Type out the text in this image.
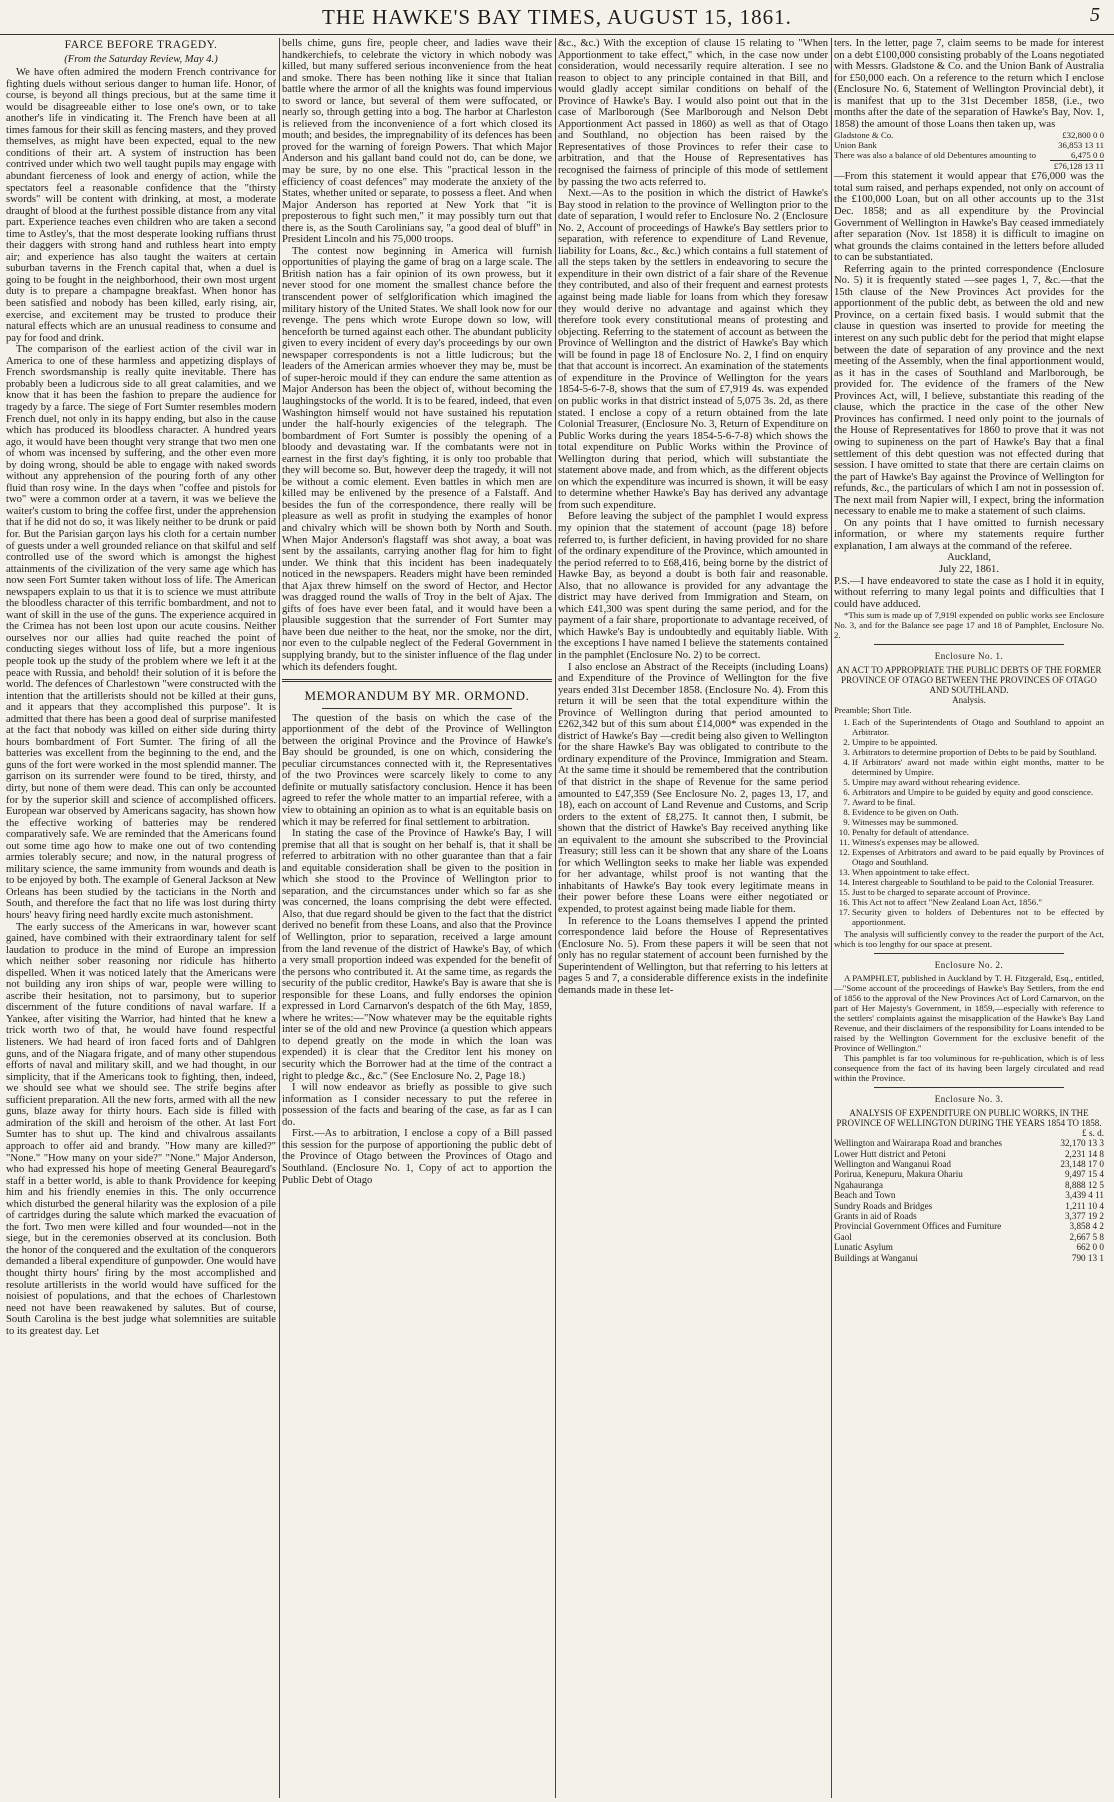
THE HAWKE'S BAY TIMES, AUGUST 15, 1861.	5
FARCE BEFORE TRAGEDY.
(From the Saturday Review, May 4.)

We have often admired the modern French contrivance for fighting duels without serious danger to human life. Honor, of course, is beyond all things precious, but at the same time it would be disagreeable either to lose one's own, or to take another's life in vindicating it. The French have been at all times famous for their skill as fencing masters, and they proved themselves, as might have been expected, equal to the new conditions of their art. A system of instruction has been contrived under which two well taught pupils may engage with abundant fierceness of look and energy of action, while the spectators feel a reasonable confidence that the "thirsty swords" will be content with drinking, at most, a moderate draught of blood at the furthest possible distance from any vital part. Experience teaches even children who are taken a second time to Astley's, that the most desperate looking ruffians thrust their daggers with strong hand and ruthless heart into empty air; and experience has also taught the waiters at certain suburban taverns in the French capital that, when a duel is going to be fought in the neighborhood, their own most urgent duty is to prepare a champagne breakfast. When honor has been satisfied and nobody has been killed, early rising, air, exercise, and excitement may be trusted to produce their natural effects which are an unusual readiness to consume and pay for food and drink.

The comparison of the earliest action of the civil war in America to one of these harmless and appetizing displays of French swordsmanship is really quite inevitable. There has probably been a ludicrous side to all great calamities, and we know that it has been the fashion to prepare the audience for tragedy by a farce. The siege of Fort Sumter resembles modern French duel, not only in its happy ending, but also in the cause which has produced its bloodless character. A hundred years ago, it would have been thought very strange that two men one of whom was incensed by suffering, and the other even more by doing wrong, should be able to engage with naked swords without any apprehension of the pouring forth of any other fluid than rosy wine. In the days when "coffee and pistols for two" were a common order at a tavern, it was we believe the waiter's custom to bring the coffee first, under the apprehension that if he did not do so, it was likely neither to be drunk or paid for. But the Parisian garçon lays his cloth for a certain number of guests under a well grounded reliance on that skilful and self controlled use of the sword which is amongst the highest attainments of the civilization of the very same age which has now seen Fort Sumter taken without loss of life. The American newspapers explain to us that it is to science we must attribute the bloodless character of this terrific bombardment, and not to want of skill in the use of the guns. The experience acquired in the Crimea has not been lost upon our acute cousins. Neither ourselves nor our allies had quite reached the point of conducting sieges without loss of life, but a more ingenious people took up the study of the problem where we left it at the peace with Russia, and behold! their solution of it is before the world. The defences of Charlestown "were constructed with the intention that the artillerists should not be killed at their guns, and it appears that they accomplished this purpose". It is admitted that there has been a good deal of surprise manifested at the fact that nobody was killed on either side during thirty hours bombardment of Fort Sumter. The firing of all the batteries was excellent from the beginning to the end, and the guns of the fort were worked in the most splendid manner. The garrison on its surrender were found to be tired, thirsty, and dirty, but none of them were dead. This can only be accounted for by the superior skill and science of accomplished officers. European war observed by Americans sagacity, has shown how the effective working of batteries may be rendered comparatively safe. We are reminded that the Americans found out some time ago how to make one out of two contending armies tolerably secure; and now, in the natural progress of military science, the same immunity from wounds and death is to be enjoyed by both. The example of General Jackson at New Orleans has been studied by the tacticians in the North and South, and therefore the fact that no life was lost during thirty hours' heavy firing need hardly excite much astonishment.

The early success of the Americans in war, however scant gained, have combined with their extraordinary talent for self laudation to produce in the mind of Europe an impression which neither sober reasoning nor ridicule has hitherto dispelled. When it was noticed lately that the Americans were not building any iron ships of war, people were willing to ascribe their hesitation, not to parsimony, but to superior discernment of the future conditions of naval warfare. If a Yankee, after visiting the Warrior, had hinted that he knew a trick worth two of that, he would have found respectful listeners. We had heard of iron faced forts and of Dahlgren guns, and of the Niagara frigate, and of many other stupendous efforts of naval and military skill, and we had thought, in our simplicity, that if the Americans took to fighting, then, indeed, we should see what we should see. The strife begins after sufficient preparation. All the new forts, armed with all the new guns, blaze away for thirty hours. Each side is filled with admiration of the skill and heroism of the other. At last Fort Sumter has to shut up. The kind and chivalrous assailants approach to offer aid and brandy. "How many are killed?" "None." "How many on your side?" "None." Major Anderson, who had expressed his hope of meeting General Beauregard's staff in a better world, is able to thank Providence for keeping him and his friendly enemies in this. The only occurrence which disturbed the general hilarity was the explosion of a pile of cartridges during the salute which marked the evacuation of the fort. Two men were killed and four wounded—not in the siege, but in the ceremonies observed at its conclusion. Both the honor of the conquered and the exultation of the conquerors demanded a liberal expenditure of gunpowder. One would have thought thirty hours' firing by the most accomplished and resolute artillerists in the world would have sufficed for the noisiest of populations, and that the echoes of Charlestown need not have been reawakened by salutes. But of course, South Carolina is the best judge what solemnities are suitable to its greatest day. Let

bells chime, guns fire, people cheer, and ladies wave their handkerchiefs, to celebrate the victory in which nobody was killed, but many suffered serious inconvenience from the heat and smoke. There has been nothing like it since that Italian battle where the armor of all the knights was found impervious to sword or lance, but several of them were suffocated, or nearly so, through getting into a bog. The harbor at Charleston is relieved from the inconvenience of a fort which closed its mouth; and besides, the impregnability of its defences has been proved for the warning of foreign Powers. That which Major Anderson and his gallant band could not do, can be done, we may be sure, by no one else. This "practical lesson in the efficiency of coast defences" may moderate the anxiety of the States, whether united or separate, to possess a fleet. And when Major Anderson has reported at New York that "it is preposterous to fight such men," it may possibly turn out that there is, as the South Carolinians say, "a good deal of bluff" in President Lincoln and his 75,000 troops.

The contest now beginning in America will furnish opportunities of playing the game of brag on a large scale. The British nation has a fair opinion of its own prowess, but it never stood for one moment the smallest chance before the transcendent power of selfglorification which imagined the military history of the United States. We shall look now for our revenge. The pens which wrote Europe down so low, will henceforth be turned against each other. The abundant publicity given to every incident of every day's proceedings by our own newspaper correspondents is not a little ludicrous; but the leaders of the American armies whoever they may be, must be of super-heroic mould if they can endure the same attention as Major Anderson has been the object of, without becoming the laughingstocks of the world. It is to be feared, indeed, that even Washington himself would not have sustained his reputation under the half-hourly exigencies of the telegraph. The bombardment of Fort Sumter is possibly the opening of a bloody and devastating war. If the combatants were not in earnest in the first day's fighting, it is only too probable that they will become so. But, however deep the tragedy, it will not be without a comic element. Even battles in which men are killed may be enlivened by the presence of a Falstaff. And besides the fun of the correspondence, there really will be pleasure as well as profit in studying the examples of honor and chivalry which will be shown both by North and South. When Major Anderson's flagstaff was shot away, a boat was sent by the assailants, carrying another flag for him to fight under. We think that this incident has been inadequately noticed in the newspapers. Readers might have been reminded that Ajax threw himself on the sword of Hector, and Hector was dragged round the walls of Troy in the belt of Ajax. The gifts of foes have ever been fatal, and it would have been a plausible suggestion that the surrender of Fort Sumter may have been due neither to the heat, nor the smoke, nor the dirt, nor even to the culpable neglect of the Federal Government in supplying brandy, but to the sinister influence of the flag under which its defenders fought.

MEMORANDUM BY MR. ORMOND.

The question of the basis on which the case of the apportionment of the debt of the Province of Wellington between the original Province and the Province of Hawke's Bay should be grounded, is one on which, considering the peculiar circumstances connected with it, the Representatives of the two Provinces were scarcely likely to come to any definite or mutually satisfactory conclusion. Hence it has been agreed to refer the whole matter to an impartial referee, with a view to obtaining an opinion as to what is an equitable basis on which it may be referred for final settlement to arbitration.

In stating the case of the Province of Hawke's Bay, I will premise that all that is sought on her behalf is, that it shall be referred to arbitration with no other guarantee than that a fair and equitable consideration shall be given to the position in which she stood to the Province of Wellington prior to separation, and the circumstances under which so far as she was concerned, the loans comprising the debt were effected. Also, that due regard should be given to the fact that the district derived no benefit from these Loans, and also that the Province of Wellington, prior to separation, received a large amount from the land revenue of the district of Hawke's Bay, of which a very small proportion indeed was expended for the benefit of the persons who contributed it. At the same time, as regards the security of the public creditor, Hawke's Bay is aware that she is responsible for these Loans, and fully endorses the opinion expressed in Lord Carnarvon's despatch of the 6th May, 1859, where he writes:—"Now whatever may be the equitable rights inter se of the old and new Province (a question which appears to depend greatly on the mode in which the loan was expended) it is clear that the Creditor lent his money on security which the Borrower had at the time of the contract a right to pledge &c., &c." (See Enclosure No. 2, Page 18.)

I will now endeavor as briefly as possible to give such information as I consider necessary to put the referee in possession of the facts and bearing of the case, as far as I can do.

First.—As to arbitration, I enclose a copy of a Bill passed this session for the purpose of apportioning the public debt of the Province of Otago between the Provinces of Otago and Southland. (Enclosure No. 1, Copy of act to apportion the Public Debt of Otago

&c., &c.) With the exception of clause 15 relating to "When Apportionment to take effect," which, in the case now under consideration, would necessarily require alteration. I see no reason to object to any principle contained in that Bill, and would gladly accept similar conditions on behalf of the Province of Hawke's Bay. I would also point out that in the case of Marlborough (See Marlborough and Nelson Debt Apportionment Act passed in 1860) as well as that of Otago and Southland, no objection has been raised by the Representatives of those Provinces to refer their case to arbitration, and that the House of Representatives has recognised the fairness of principle of this mode of settlement by passing the two acts referred to.

Next.—As to the position in which the district of Hawke's Bay stood in relation to the province of Wellington prior to the date of separation, I would refer to Enclosure No. 2 (Enclosure No. 2, Account of proceedings of Hawke's Bay settlers prior to separation, with reference to expenditure of Land Revenue, liability for Loans, &c., &c.) which contains a full statement of all the steps taken by the settlers in endeavoring to secure the expenditure in their own district of a fair share of the Revenue they contributed, and also of their frequent and earnest protests against being made liable for loans from which they foresaw they would derive no advantage and against which they therefore took every constitutional means of protesting and objecting. Referring to the statement of account as between the Province of Wellington and the district of Hawke's Bay which will be found in page 18 of Enclosure No. 2, I find on enquiry that that account is incorrect. An examination of the statements of expenditure in the Province of Wellington for the years 1854-5-6-7-8, shows that the sum of £7,919 4s. was expended on public works in that district instead of 5,075 3s. 2d, as there stated. I enclose a copy of a return obtained from the late Colonial Treasurer, (Enclosure No. 3, Return of Expenditure on Public Works during the years 1854-5-6-7-8) which shows the total expenditure on Public Works within the Province of Wellington during that period, which will substantiate the statement above made, and from which, as the different objects on which the expenditure was incurred is shown, it will be easy to determine whether Hawke's Bay has derived any advantage from such expenditure.

Before leaving the subject of the pamphlet I would express my opinion that the statement of account (page 18) before referred to, is further deficient, in having provided for no share of the ordinary expenditure of the Province, which amounted in the period referred to to £68,416, being borne by the district of Hawke Bay, as beyond a doubt is both fair and reasonable. Also, that no allowance is provided for any advantage the district may have derived from Immigration and Steam, on which £41,300 was spent during the same period, and for the payment of a fair share, proportionate to advantage received, of which Hawke's Bay is undoubtedly and equitably liable. With the exceptions I have named I believe the statements contained in the pamphlet (Enclosure No. 2) to be correct.

I also enclose an Abstract of the Receipts (including Loans) and Expenditure of the Province of Wellington for the five years ended 31st December 1858. (Enclosure No. 4). From this return it will be seen that the total expenditure within the Province of Wellington during that period amounted to £262,342 but of this sum about £14,000* was expended in the district of Hawke's Bay —credit being also given to Wellington for the share Hawke's Bay was obligated to contribute to the ordinary expenditure of the Province, Immigration and Steam. At the same time it should be remembered that the contribution of that district in the shape of Revenue for the same period amounted to £47,359 (See Enclosure No. 2, pages 13, 17, and 18), each on account of Land Revenue and Customs, and Scrip orders to the extent of £8,275. It cannot then, I submit, be shown that the district of Hawke's Bay received anything like an equivalent to the amount she subscribed to the Provincial Treasury; still less can it be shown that any share of the Loans for which Wellington seeks to make her liable was expended for her advantage, whilst proof is not wanting that the inhabitants of Hawke's Bay took every legitimate means in their power before these Loans were either negotiated or expended, to protest against being made liable for them.

In reference to the Loans themselves I append the printed correspondence laid before the House of Representatives (Enclosure No. 5). From these papers it will be seen that not only has no regular statement of account been furnished by the Superintendent of Wellington, but that referring to his letters at pages 5 and 7, a considerable difference exists in the indefinite demands made in these let-

ters. In the letter, page 7, claim seems to be made for interest on a debt £100,000 consisting probably of the Loans negotiated with Messrs. Gladstone & Co. and the Union Bank of Australia for £50,000 each. On a reference to the return which I enclose (Enclosure No. 6, Statement of Wellington Provincial debt), it is manifest that up to the 31st December 1858, (i.e., two months after the date of the separation of Hawke's Bay, Nov. 1, 1858) the amount of those Loans then taken up, was

Gladstone & Co.	£32,800 0 0
Union Bank	36,853 13 11
There was also a balance of old Debentures amounting to	6,475 0 0
	£76,128 13 11

—From this statement it would appear that £76,000 was the total sum raised, and perhaps expended, not only on account of the £100,000 Loan, but on all other accounts up to the 31st Dec. 1858; and as all expenditure by the Provincial Government of Wellington in Hawke's Bay ceased immediately after separation (Nov. 1st 1858) it is difficult to imagine on what grounds the claims contained in the letters before alluded to can be substantiated.

Referring again to the printed correspondence (Enclosure No. 5) it is frequently stated —see pages 1, 7, &c.—that the 15th clause of the New Provinces Act provides for the apportionment of the public debt, as between the old and new Province, on a certain fixed basis. I would submit that the clause in question was inserted to provide for meeting the interest on any such public debt for the period that might elapse between the date of separation of any province and the next meeting of the Assembly, when the final apportionment would, as it has in the cases of Southland and Marlborough, be provided for. The evidence of the framers of the New Provinces Act, will, I believe, substantiate this reading of the clause, which the practice in the case of the other New Provinces has confirmed. I need only point to the journals of the House of Representatives for 1860 to prove that it was not owing to supineness on the part of Hawke's Bay that a final settlement of this debt question was not effected during that session. I have omitted to state that there are certain claims on the part of Hawke's Bay against the Province of Wellington for refunds, &c., the particulars of which I am not in possession of. The next mail from Napier will, I expect, bring the information necessary to enable me to make a statement of such claims.

On any points that I have omitted to furnish necessary information, or where my statements require further explanation, I am always at the command of the referee.

Auckland,
July 22, 1861.

P.S.—I have endeavored to state the case as I hold it in equity, without referring to many legal points and difficulties that I could have adduced.

*This sum is made up of 7,919l expended on public works see Enclosure No. 3, and for the Balance see page 17 and 18 of Pamphlet, Enclosure No. 2.

Enclosure No. 1.
AN ACT TO APPROPRIATE THE PUBLIC DEBTS OF THE FORMER PROVINCE OF OTAGO BETWEEN THE PROVINCES OF OTAGO AND SOUTHLAND.
Analysis.
Preamble; Short Title.
1. Each of the Superintendents of Otago and Southland to appoint an Arbitrator.
2. Umpire to be appointed.
3. Arbitrators to determine proportion of Debts to be paid by Southland.
4. If Arbitrators' award not made within eight months, matter to be determined by Umpire.
5. Umpire may award without rehearing evidence.
6. Arbitrators and Umpire to be guided by equity and good conscience.
7. Award to be final.
8. Evidence to be given on Oath.
9. Witnesses may be summoned.
10. Penalty for default of attendance.
11. Witness's expenses may be allowed.
12. Expenses of Arbitrators and award to be paid equally by Provinces of Otago and Southland.
13. When appointment to take effect.
14. Interest chargeable to Southland to be paid to the Colonial Treasurer.
15. Just to be charged to separate account of Province.
16. This Act not to affect "New Zealand Loan Act, 1856."
17. Security given to holders of Debentures not to be effected by apportionment.

The analysis will sufficiently convey to the reader the purport of the Act, which is too lengthy for our space at present.

Enclosure No. 2.

A PAMPHLET, published in Auckland by T. H. Fitzgerald, Esq., entitled,—"Some account of the proceedings of Hawke's Bay Settlers, from the end of 1856 to the approval of the New Provinces Act of Lord Carnarvon, on the part of Her Majesty's Government, in 1859,—especially with reference to the settlers' complaints against the misapplication of the Hawke's Bay Land Revenue, and their disclaimers of the responsibility for Loans intended to be raised by the Wellington Government for the exclusive benefit of the Province of Wellington."

This pamphlet is far too voluminous for re-publication, which is of less consequence from the fact of its having been largely circulated and read within the Province.

Enclosure No. 3.
ANALYSIS OF EXPENDITURE ON PUBLIC WORKS, IN THE PROVINCE OF WELLINGTON DURING THE YEARS 1854 TO 1858.
	£ s. d.
Wellington and Wairarapa Road and branches	32,170 13 3
Lower Hutt district and Petoni	2,231 14 8
Wellington and Wanganui Road	23,148 17 0
Porirua, Kenepuru, Makura Ohariu	9,497 15 4
Ngahauranga	8,888 12 5
Beach and Town	3,439 4 11
Sundry Roads and Bridges	1,211 10 4
Grants in aid of Roads	3,377 19 2
Provincial Government Offices and Furniture	3,858 4 2
Gaol	2,667 5 8
Lunatic Asylum	662 0 0
Buildings at Wanganui	790 13 1
